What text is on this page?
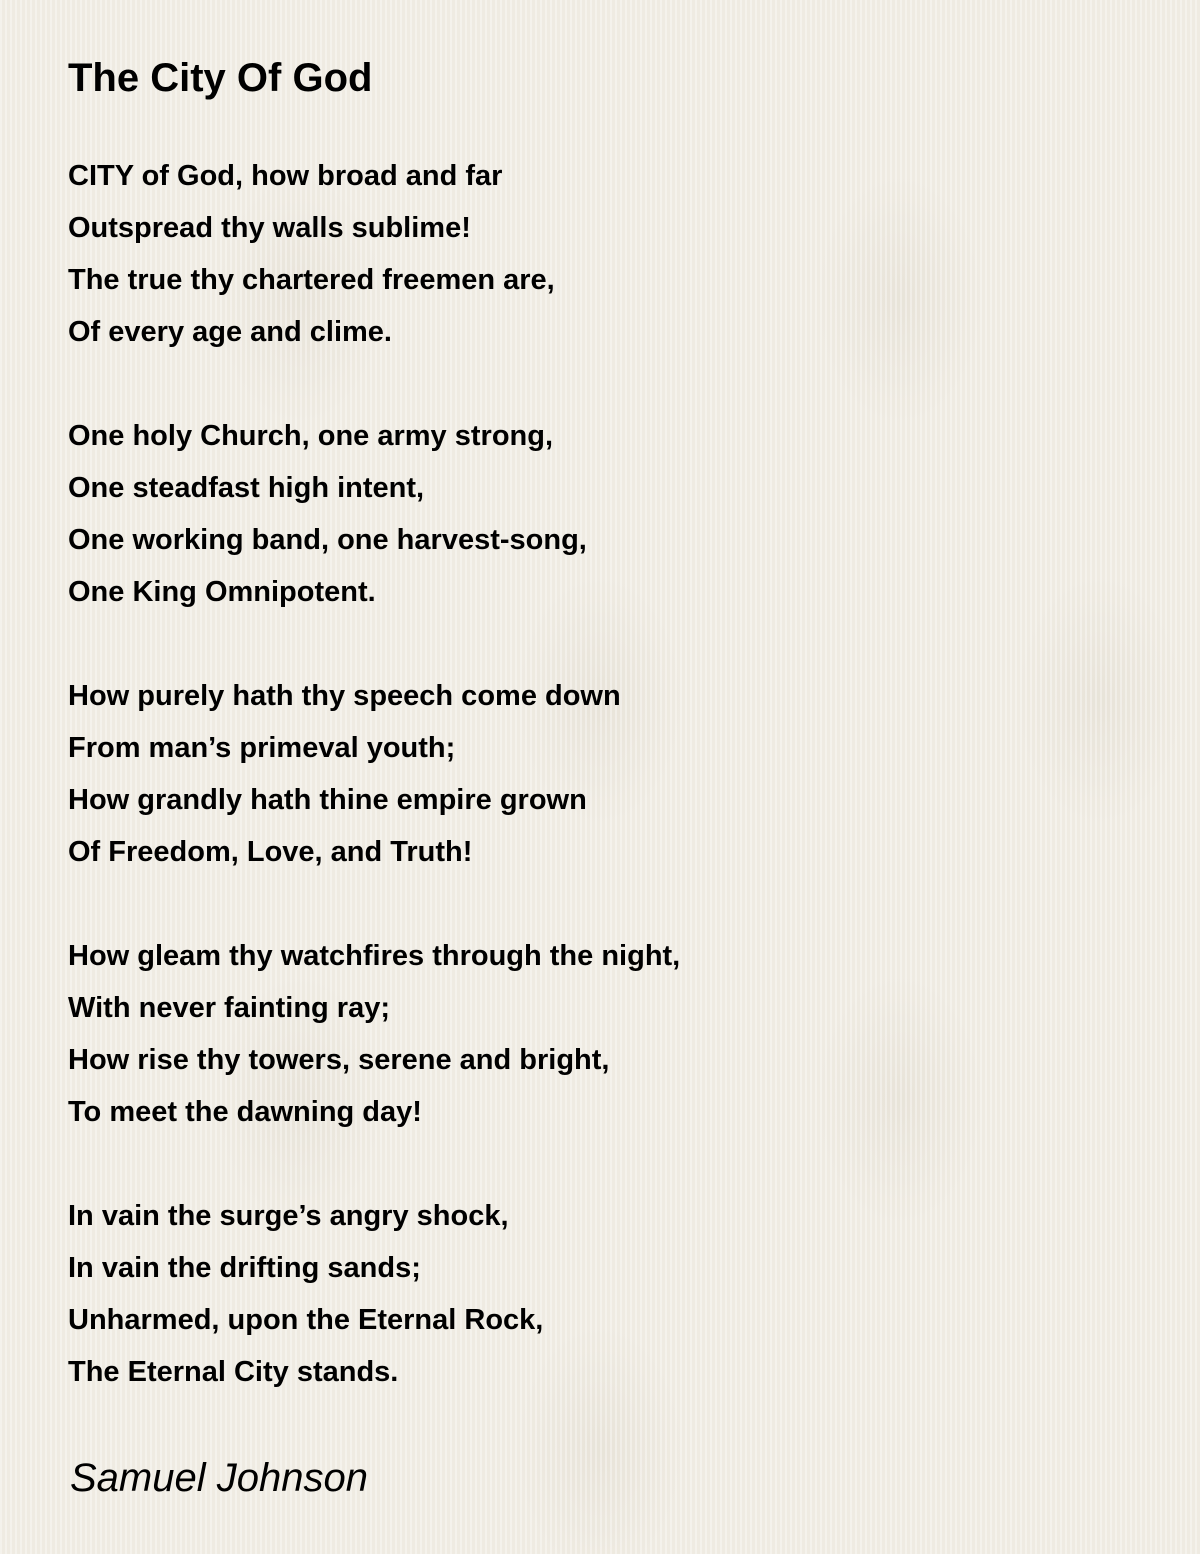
The City Of God
CITY of God, how broad and far
Outspread thy walls sublime!
The true thy chartered freemen are,
Of every age and clime.
One holy Church, one army strong,
One steadfast high intent,
One working band, one harvest-song,
One King Omnipotent.
How purely hath thy speech come down
From man’s primeval youth;
How grandly hath thine empire grown
Of Freedom, Love, and Truth!
How gleam thy watchfires through the night,
With never fainting ray;
How rise thy towers, serene and bright,
To meet the dawning day!
In vain the surge’s angry shock,
In vain the drifting sands;
Unharmed, upon the Eternal Rock,
The Eternal City stands.
Samuel Johnson
